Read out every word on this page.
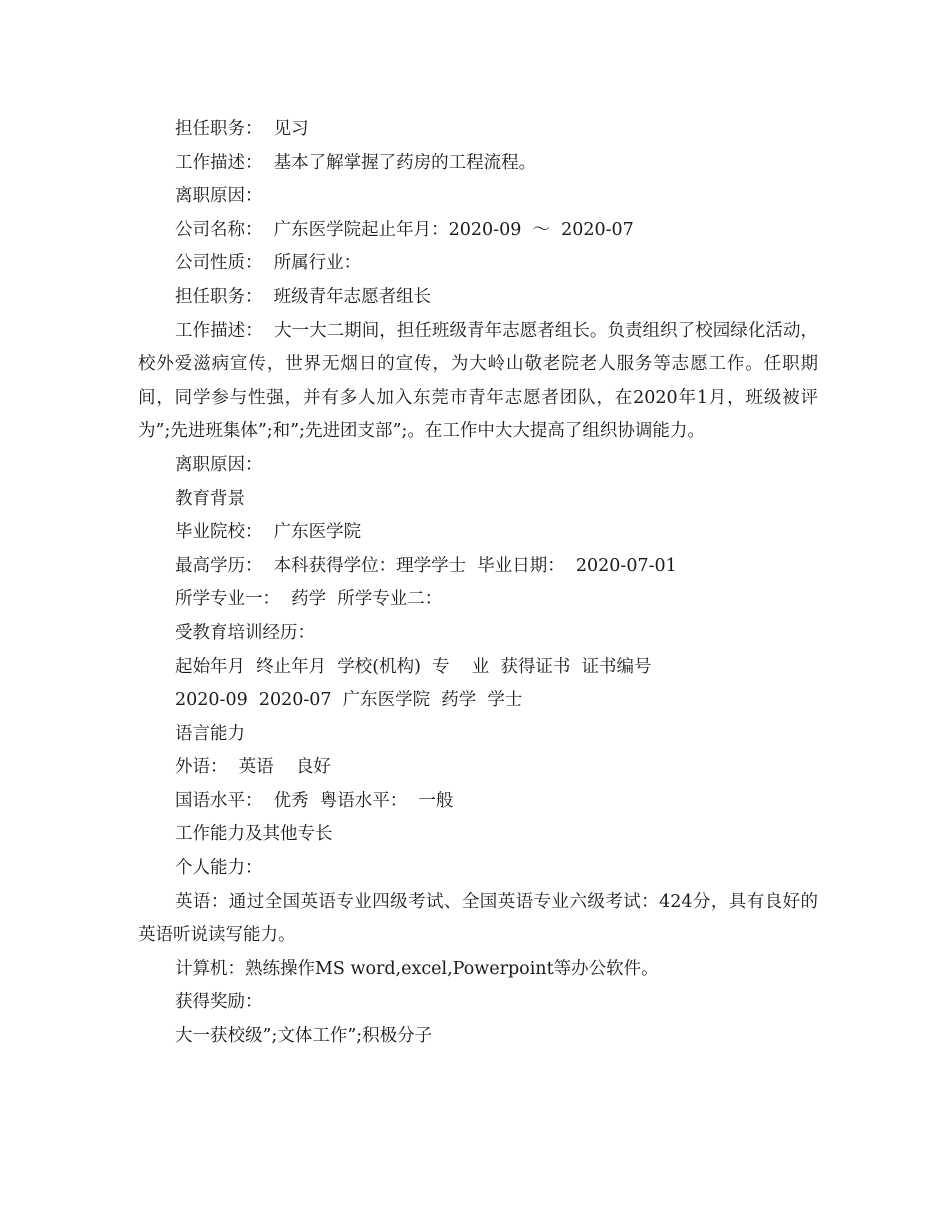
担任职务：  见习

工作描述：  基本了解掌握了药房的工程流程。

离职原因：

公司名称：  广东医学院起止年月：2020-09  ～  2020-07

公司性质：  所属行业：

担任职务：  班级青年志愿者组长

工作描述：  大一大二期间，担任班级青年志愿者组长。负责组织了校园绿化活动，校外爱滋病宣传，世界无烟日的宣传，为大岭山敬老院老人服务等志愿工作。任职期间，同学参与性强，并有多人加入东莞市青年志愿者团队，在2020年1月，班级被评为”;先进班集体”;和”;先进团支部”;。在工作中大大提高了组织协调能力。

离职原因：

教育背景

毕业院校：  广东医学院

最高学历：  本科获得学位：理学学士  毕业日期：  2020-07-01

所学专业一：  药学  所学专业二：

受教育培训经历：

起始年月  终止年月  学校(机构)  专    业  获得证书  证书编号

2020-09  2020-07  广东医学院  药学  学士

语言能力

外语：  英语    良好

国语水平：  优秀  粤语水平：  一般

工作能力及其他专长

个人能力：

英语：通过全国英语专业四级考试、全国英语专业六级考试：424分，具有良好的英语听说读写能力。

计算机：熟练操作MS word,excel,Powerpoint等办公软件。

获得奖励：

大一获校级”;文体工作”;积极分子
